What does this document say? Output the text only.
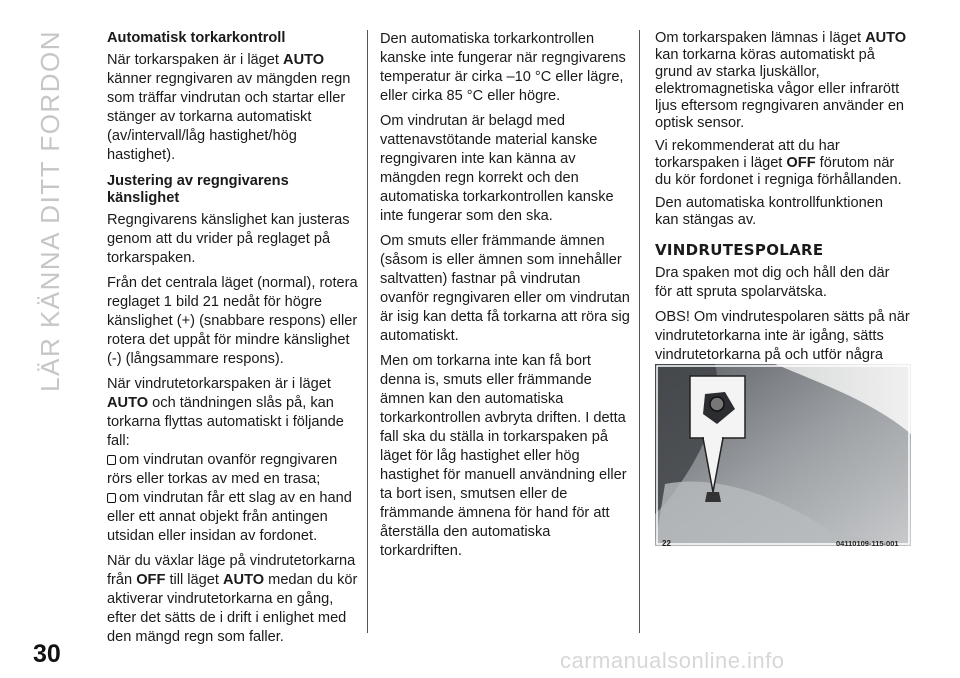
LÄR KÄNNA DITT FORDON
30
Automatisk torkarkontroll

När torkarspaken är i läget AUTO känner regngivaren av mängden regn som träffar vindrutan och startar eller stänger av torkarna automatiskt (av/intervall/låg hastighet/hög hastighet).

Justering av regngivarens känslighet

Regngivarens känslighet kan justeras genom att du vrider på reglaget på torkarspaken.

Från det centrala läget (normal), rotera reglaget 1 bild 21 nedåt för högre känslighet (+) (snabbare respons) eller rotera det uppåt för mindre känslighet (-) (långsammare respons).

När vindrutetorkarspaken är i läget AUTO och tändningen slås på, kan torkarna flyttas automatiskt i följande fall:

om vindrutan ovanför regngivaren rörs eller torkas av med en trasa;

om vindrutan får ett slag av en hand eller ett annat objekt från antingen utsidan eller insidan av fordonet.

När du växlar läge på vindrutetorkarna från OFF till läget AUTO medan du kör aktiverar vindrutetorkarna en gång, efter det sätts de i drift i enlighet med den mängd regn som faller.

Den automatiska torkarkontrollen kanske inte fungerar när regngivarens temperatur är cirka –10 °C eller lägre, eller cirka 85 °C eller högre.

Om vindrutan är belagd med vattenavstötande material kanske regngivaren inte kan känna av mängden regn korrekt och den automatiska torkarkontrollen kanske inte fungerar som den ska.

Om smuts eller främmande ämnen (såsom is eller ämnen som innehåller saltvatten) fastnar på vindrutan ovanför regngivaren eller om vindrutan är isig kan detta få torkarna att röra sig automatiskt.

Men om torkarna inte kan få bort denna is, smuts eller främmande ämnen kan den automatiska torkarkontrollen avbryta driften. I detta fall ska du ställa in torkarspaken på läget för låg hastighet eller hög hastighet för manuell användning eller ta bort isen, smutsen eller de främmande ämnena för hand för att återställa den automatiska torkardriften.

Om torkarspaken lämnas i läget AUTO kan torkarna köras automatiskt på grund av starka ljuskällor, elektromagnetiska vågor eller infrarött ljus eftersom regngivaren använder en optisk sensor.

Vi rekommenderat att du har torkarspaken i läget OFF förutom när du kör fordonet i regniga förhållanden.

Den automatiska kontrollfunktionen kan stängas av.

VINDRUTESPOLARE

Dra spaken mot dig och håll den där för att spruta spolarvätska.

OBS! Om vindrutespolaren sätts på när vindrutetorkarna inte är igång, sätts vindrutetorkarna på och utför några

22	04110109-115-001
carmanualsonline.info
